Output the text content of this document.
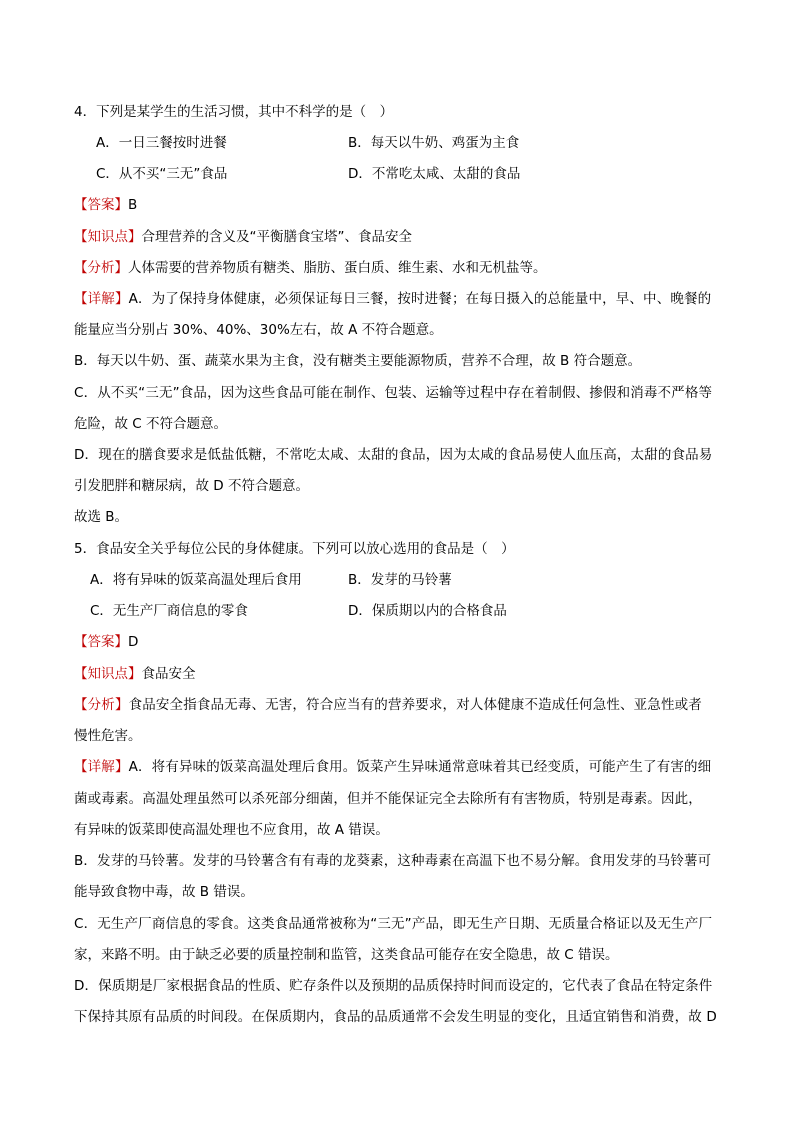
4．下列是某学生的生活习惯，其中不科学的是（　）
A．一日三餐按时进餐	B．每天以牛奶、鸡蛋为主食
C．从不买“三无”食品	D．不常吃太咸、太甜的食品
【答案】B
【知识点】合理营养的含义及“平衡膳食宝塔”、食品安全
【分析】人体需要的营养物质有糖类、脂肪、蛋白质、维生素、水和无机盐等。
【详解】A．为了保持身体健康，必须保证每日三餐，按时进餐；在每日摄入的总能量中，早、中、晚餐的
能量应当分别占 30%、40%、30%左右，故 A 不符合题意。
B．每天以牛奶、蛋、蔬菜水果为主食，没有糖类主要能源物质，营养不合理，故 B 符合题意。
C．从不买“三无”食品，因为这些食品可能在制作、包装、运输等过程中存在着制假、掺假和消毒不严格等
危险，故 C 不符合题意。
D．现在的膳食要求是低盐低糖，不常吃太咸、太甜的食品，因为太咸的食品易使人血压高，太甜的食品易
引发肥胖和糖尿病，故 D 不符合题意。
故选 B。
5．食品安全关乎每位公民的身体健康。下列可以放心选用的食品是（　）
A．将有异味的饭菜高温处理后食用	B．发芽的马铃薯
C．无生产厂商信息的零食	D．保质期以内的合格食品
【答案】D
【知识点】食品安全
【分析】食品安全指食品无毒、无害，符合应当有的营养要求，对人体健康不造成任何急性、亚急性或者
慢性危害。
【详解】A．将有异味的饭菜高温处理后食用。饭菜产生异味通常意味着其已经变质，可能产生了有害的细
菌或毒素。高温处理虽然可以杀死部分细菌，但并不能保证完全去除所有有害物质，特别是毒素。因此，
有异味的饭菜即使高温处理也不应食用，故 A 错误。
B．发芽的马铃薯。发芽的马铃薯含有有毒的龙葵素，这种毒素在高温下也不易分解。食用发芽的马铃薯可
能导致食物中毒，故 B 错误。
C．无生产厂商信息的零食。这类食品通常被称为“三无”产品，即无生产日期、无质量合格证以及无生产厂
家，来路不明。由于缺乏必要的质量控制和监管，这类食品可能存在安全隐患，故 C 错误。
D．保质期是厂家根据食品的性质、贮存条件以及预期的品质保持时间而设定的，它代表了食品在特定条件
下保持其原有品质的时间段。在保质期内，食品的品质通常不会发生明显的变化，且适宜销售和消费，故 D
